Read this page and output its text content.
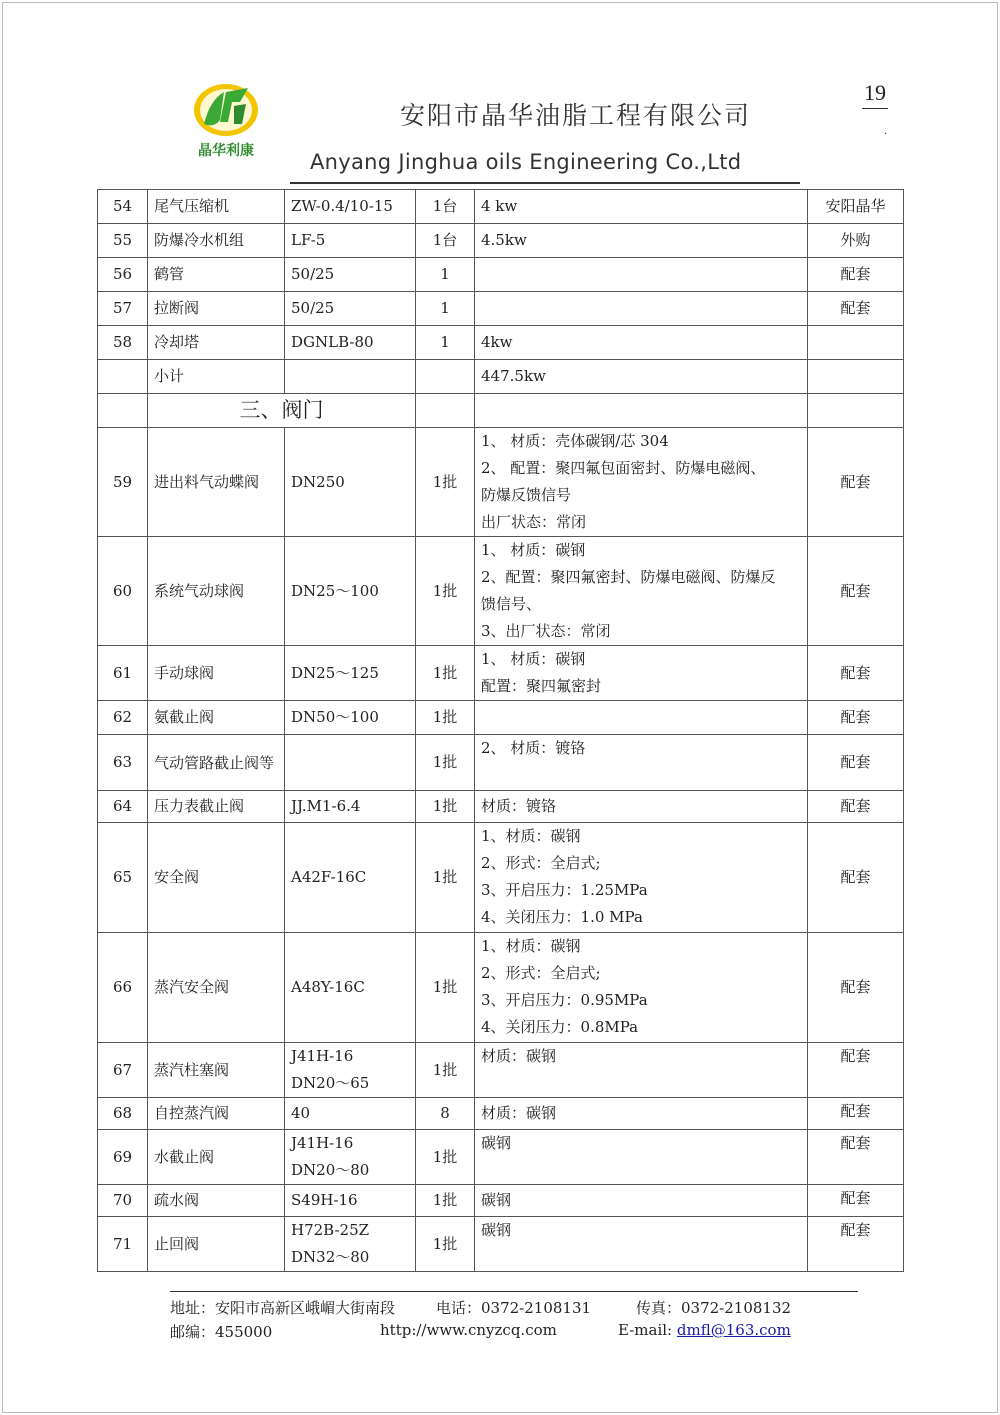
晶华利康
安阳市晶华油脂工程有限公司
Anyang Jinghua oils Engineering Co.,Ltd
19
.
54	尾气压缩机	ZW-0.4/10-15	1台	4 kw	安阳晶华
55	防爆冷水机组	LF-5	1台	4.5kw	外购
56	鹤管	50/25	1		配套
57	拉断阀	50/25	1		配套
58	冷却塔	DGNLB-80	1	4kw	

	小计			447.5kw	

	三、阀门				
59	进出料气动蝶阀	DN250	1批	1、 材质：壳体碳钢/芯 304
2、 配置：聚四氟包面密封、防爆电磁阀、
防爆反馈信号
出厂状态：常闭	配套
60	系统气动球阀	DN25～100	1批	1、 材质：碳钢
2、配置：聚四氟密封、防爆电磁阀、防爆反
馈信号、
3、出厂状态：常闭	配套
61	手动球阀	DN25～125	1批	1、 材质：碳钢
配置：聚四氟密封	配套
62	氨截止阀	DN50～100	1批		配套
63	气动管路截止阀等		1批	2、 材质：镀铬	配套
64	压力表截止阀	JJ.M1-6.4	1批	材质：镀铬	配套
65	安全阀	A42F-16C	1批	1、材质：碳钢
2、形式：全启式;
3、开启压力：1.25MPa
4、关闭压力：1.0 MPa	配套
66	蒸汽安全阀	A48Y-16C	1批	1、材质：碳钢
2、形式：全启式;
3、开启压力：0.95MPa
4、关闭压力：0.8MPa	配套
67	蒸汽柱塞阀	J41H-16
DN20～65	1批	材质：碳钢	配套
68	自控蒸汽阀	40	8	材质：碳钢	配套
69	水截止阀	J41H-16
DN20～80	1批	碳钢	配套
70	疏水阀	S49H-16	1批	碳钢	配套
71	止回阀	H72B-25Z
DN32～80	1批	碳钢	配套
地址：安阳市高新区峨嵋大街南段	电话：0372-2108131	传真：0372-2108132
邮编：455000	http://www.cnyzcq.com	E-mail: dmfl@163.com
